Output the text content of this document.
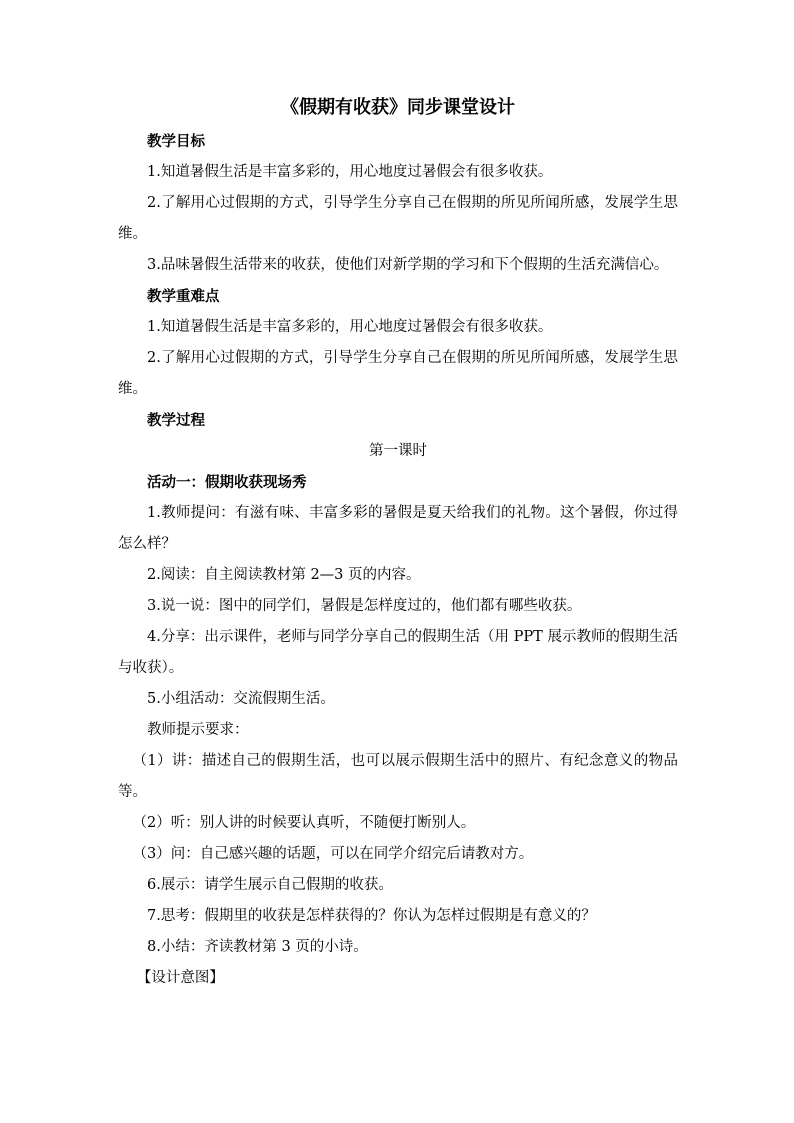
《假期有收获》同步课堂设计

教学目标

1.知道暑假生活是丰富多彩的，用心地度过暑假会有很多收获。

2.了解用心过假期的方式，引导学生分享自己在假期的所见所闻所感，发展学生思维。

3.品味暑假生活带来的收获，使他们对新学期的学习和下个假期的生活充满信心。

教学重难点

1.知道暑假生活是丰富多彩的，用心地度过暑假会有很多收获。

2.了解用心过假期的方式，引导学生分享自己在假期的所见所闻所感，发展学生思维。

教学过程

第一课时

活动一：假期收获现场秀

1.教师提问：有滋有味、丰富多彩的暑假是夏天给我们的礼物。这个暑假，你过得怎么样？

2.阅读：自主阅读教材第 2—3 页的内容。

3.说一说：图中的同学们，暑假是怎样度过的，他们都有哪些收获。

4.分享：出示课件，老师与同学分享自己的假期生活（用 PPT 展示教师的假期生活与收获）。

5.小组活动：交流假期生活。

教师提示要求：

（1）讲：描述自己的假期生活，也可以展示假期生活中的照片、有纪念意义的物品等。

（2）听：别人讲的时候要认真听，不随便打断别人。

（3）问：自己感兴趣的话题，可以在同学介绍完后请教对方。

6.展示：请学生展示自己假期的收获。

7.思考：假期里的收获是怎样获得的？你认为怎样过假期是有意义的？

8.小结：齐读教材第 3 页的小诗。

【设计意图】
